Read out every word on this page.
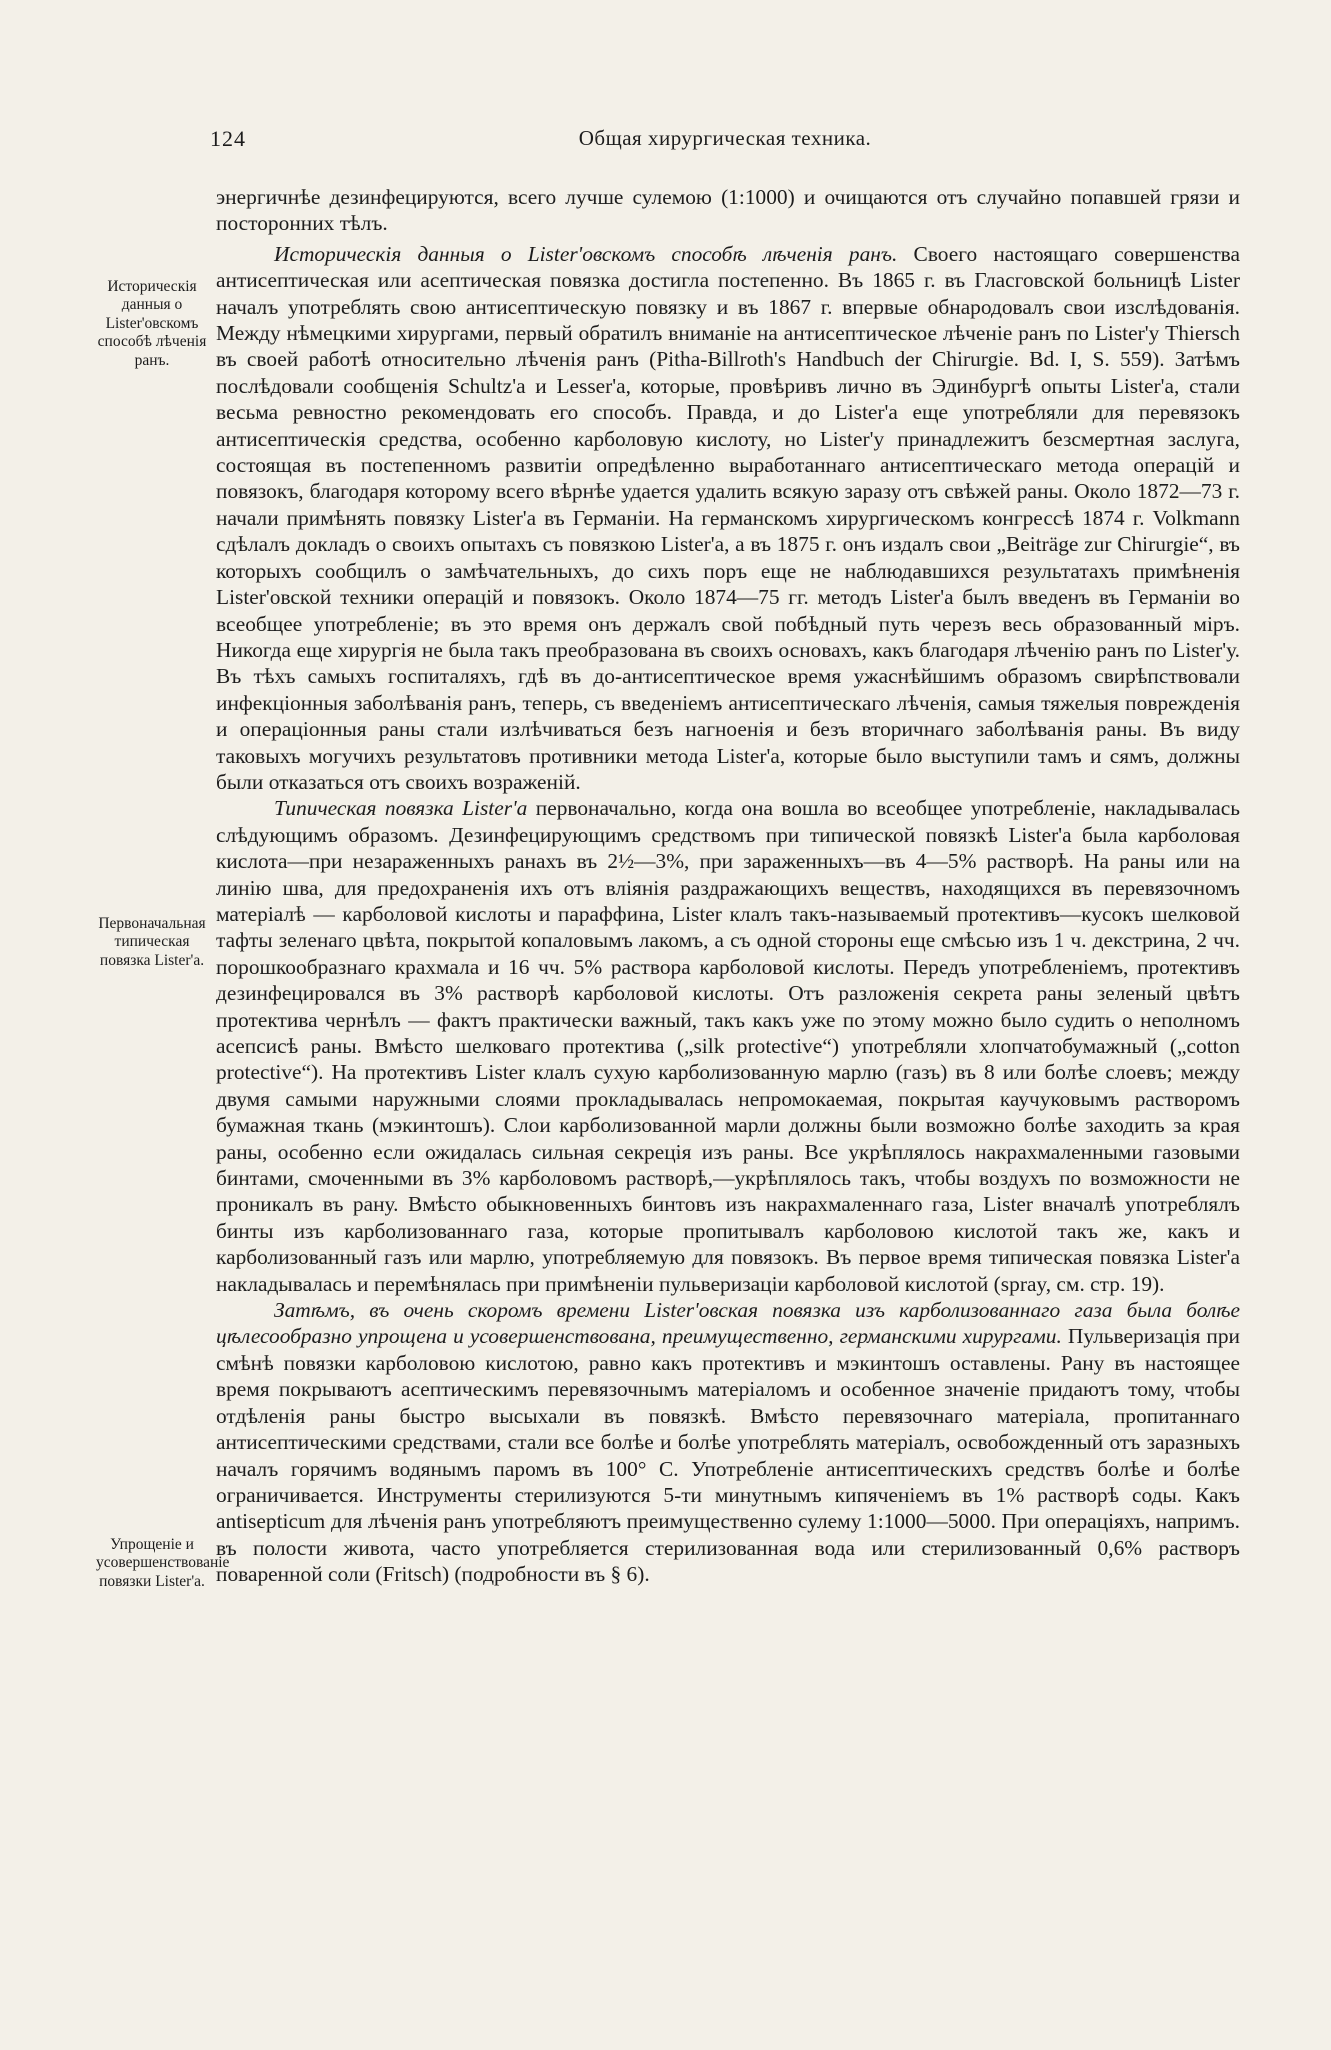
124	Общая хирургическая техника.
Историческія данныя о Lister'овскомъ способѣ лѣченія ранъ.
Первоначальная типическая повязка Lister'a.
Упрощеніе и усовершенствованіе повязки Lister'a.

энергичнѣе дезинфецируются, всего лучше сулемою (1:1000) и очищаются отъ случайно попавшей грязи и посторонних тѣлъ.

Историческія данныя о Lister'овскомъ способѣ лѣченія ранъ. Своего настоящаго совершенства антисептическая или асептическая повязка достигла постепенно. Въ 1865 г. въ Гласговской больницѣ Lister началъ употреблять свою антисептическую повязку и въ 1867 г. впервые обнародовалъ свои изслѣдованія. Между нѣмецкими хирургами, первый обратилъ вниманіе на антисептическое лѣченіе ранъ по Lister'у Thiersch въ своей работѣ относительно лѣченія ранъ (Pitha-Billroth's Handbuch der Chirurgie. Bd. I, S. 559). Затѣмъ послѣдовали сообщенія Schultz'а и Lesser'а, которые, провѣривъ лично въ Эдинбургѣ опыты Lister'а, стали весьма ревностно рекомендовать его способъ. Правда, и до Lister'а еще употребляли для перевязокъ антисептическія средства, особенно карболовую кислоту, но Lister'у принадлежитъ безсмертная заслуга, состоящая въ постепенномъ развитіи опредѣленно выработаннаго антисептическаго метода операцій и повязокъ, благодаря которому всего вѣрнѣе удается удалить всякую заразу отъ свѣжей раны. Около 1872—73 г. начали примѣнять повязку Lister'а въ Германіи. На германскомъ хирургическомъ конгрессѣ 1874 г. Volkmann сдѣлалъ докладъ о своихъ опытахъ съ повязкою Lister'а, а въ 1875 г. онъ издалъ свои „Beiträge zur Chirurgie“, въ которыхъ сообщилъ о замѣчательныхъ, до сихъ поръ еще не наблюдавшихся результатахъ примѣненія Lister'овской техники операцій и повязокъ. Около 1874—75 гг. методъ Lister'а былъ введенъ въ Германіи во всеобщее употребленіе; въ это время онъ держалъ свой побѣдный путь черезъ весь образованный міръ. Никогда еще хирургія не была такъ преобразована въ своихъ основахъ, какъ благодаря лѣченію ранъ по Lister'у. Въ тѣхъ самыхъ госпиталяхъ, гдѣ въ до-антисептическое время ужаснѣйшимъ образомъ свирѣпствовали инфекціонныя заболѣванія ранъ, теперь, съ введеніемъ антисептическаго лѣченія, самыя тяжелыя поврежденія и операціонныя раны стали излѣчиваться безъ нагноенія и безъ вторичнаго заболѣванія раны. Въ виду таковыхъ могучихъ результатовъ противники метода Lister'а, которые было выступили тамъ и сямъ, должны были отказаться отъ своихъ возраженій.

Типическая повязка Lister'а первоначально, когда она вошла во всеобщее употребленіе, накладывалась слѣдующимъ образомъ. Дезинфецирующимъ средствомъ при типической повязкѣ Lister'а была карболовая кислота—при незараженныхъ ранахъ въ 2½—3%, при зараженныхъ—въ 4—5% растворѣ. На раны или на линію шва, для предохраненія ихъ отъ вліянія раздражающихъ веществъ, находящихся въ перевязочномъ матеріалѣ — карболовой кислоты и параффина, Lister клалъ такъ-называемый протективъ—кусокъ шелковой тафты зеленаго цвѣта, покрытой копаловымъ лакомъ, а съ одной стороны еще смѣсью изъ 1 ч. декстрина, 2 чч. порошкообразнаго крахмала и 16 чч. 5% раствора карболовой кислоты. Передъ употребленіемъ, протективъ дезинфецировался въ 3% растворѣ карболовой кислоты. Отъ разложенія секрета раны зеленый цвѣтъ протектива чернѣлъ — фактъ практически важный, такъ какъ уже по этому можно было судить о неполномъ асепсисѣ раны. Вмѣсто шелковаго протектива („silk protective“) употребляли хлопчатобумажный („cotton protective“). На протективъ Lister клалъ сухую карболизованную марлю (газъ) въ 8 или болѣе слоевъ; между двумя самыми наружными слоями прокладывалась непромокаемая, покрытая каучуковымъ растворомъ бумажная ткань (мэкинтошъ). Слои карболизованной марли должны были возможно болѣе заходить за края раны, особенно если ожидалась сильная секреція изъ раны. Все укрѣплялось накрахмаленными газовыми бинтами, смоченными въ 3% карболовомъ растворѣ,—укрѣплялось такъ, чтобы воздухъ по возможности не проникалъ въ рану. Вмѣсто обыкновенныхъ бинтовъ изъ накрахмаленнаго газа, Lister вначалѣ употреблялъ бинты изъ карболизованнаго газа, которые пропитывалъ карболовою кислотой такъ же, какъ и карболизованный газъ или марлю, употребляемую для повязокъ. Въ первое время типическая повязка Lister'а накладывалась и перемѣнялась при примѣненіи пульверизаціи карболовой кислотой (spray, см. стр. 19).

Затѣмъ, въ очень скоромъ времени Lister'овская повязка изъ карболизованнаго газа была болѣе цѣлесообразно упрощена и усовершенствована, преимущественно, германскими хирургами. Пульверизація при смѣнѣ повязки карболовою кислотою, равно какъ протективъ и мэкинтошъ оставлены. Рану въ настоящее время покрываютъ асептическимъ перевязочнымъ матеріаломъ и особенное значеніе придаютъ тому, чтобы отдѣленія раны быстро высыхали въ повязкѣ. Вмѣсто перевязочнаго матеріала, пропитаннаго антисептическими средствами, стали все болѣе и болѣе употреблять матеріалъ, освобожденный отъ заразныхъ началъ горячимъ водянымъ паромъ въ 100° С. Употребленіе антисептическихъ средствъ болѣе и болѣе ограничивается. Инструменты стерилизуются 5-ти минутнымъ кипяченіемъ въ 1% растворѣ соды. Какъ antisepticum для лѣченія ранъ употребляютъ преимущественно сулему 1:1000—5000. При операціяхъ, напримъ. въ полости живота, часто употребляется стерилизованная вода или стерилизованный 0,6% растворъ поваренной соли (Fritsch) (подробности въ § 6).
